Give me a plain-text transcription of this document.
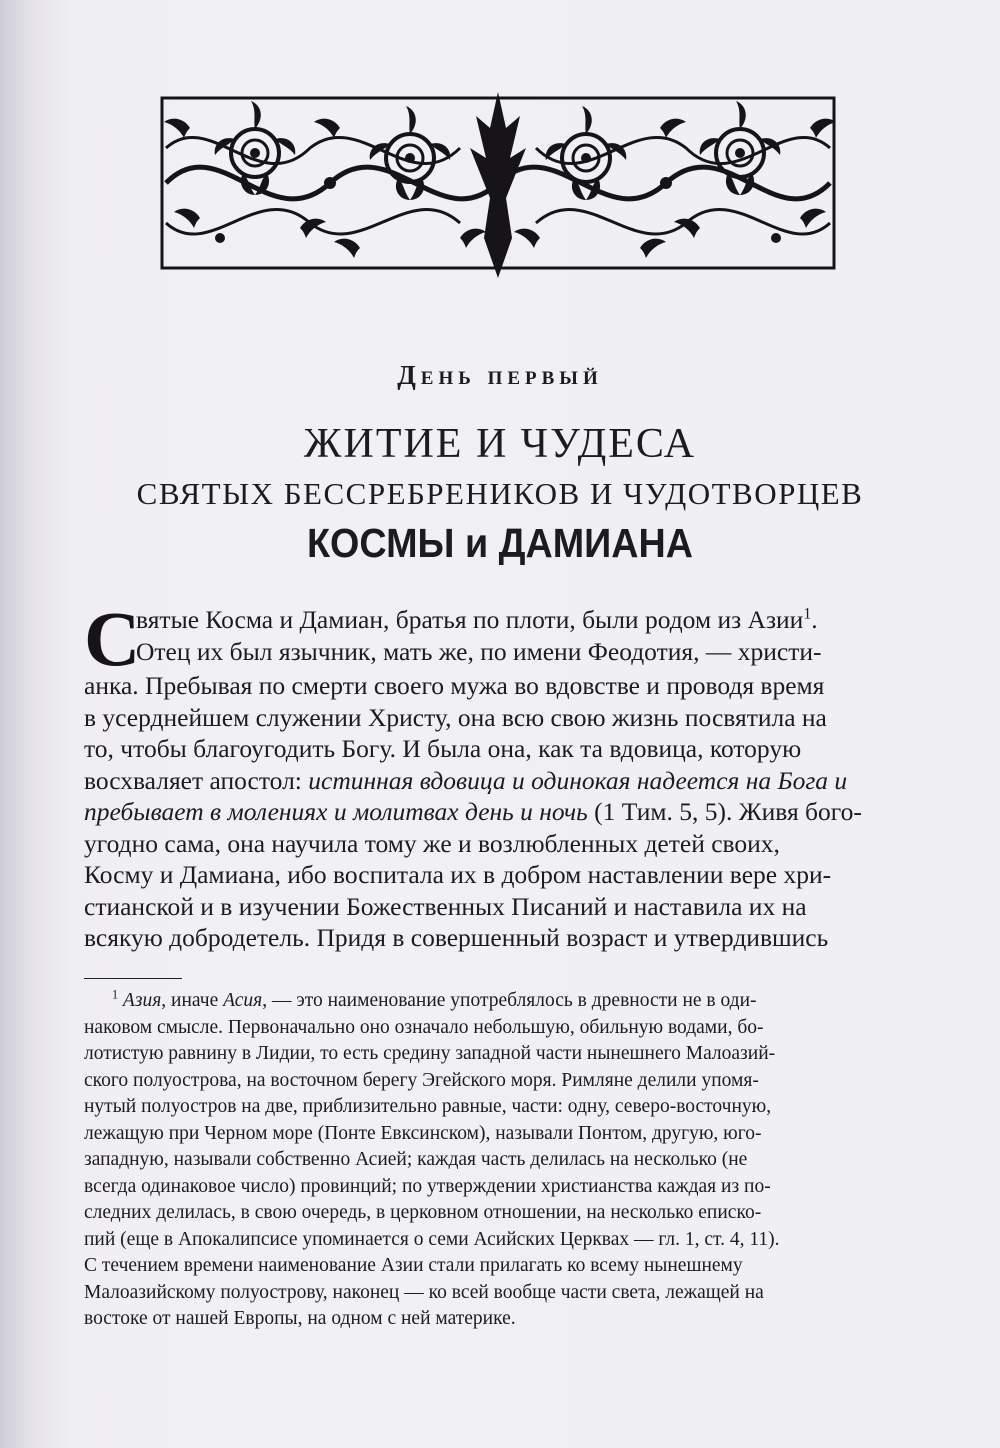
День первый
ЖИТИЕ И ЧУДЕСА
СВЯТЫХ БЕССРЕБРЕНИКОВ И ЧУДОТВОРЦЕВ
КОСМЫ и ДАМИАНА
С
вятые Косма и Дамиан, братья по плоти, были родом из Азии$^1$.
Отец их был язычник, мать же, по имени Феодотия, — христи-
анка. Пребывая по смерти своего мужа во вдовстве и проводя время
в усерднейшем служении Христу, она всю свою жизнь посвятила на
то, чтобы благоугодить Богу. И была она, как та вдовица, которую
восхваляет апостол: истинная вдовица и одинокая надеется на Бога и
пребывает в молениях и молитвах день и ночь (1 Тим. 5, 5). Живя бого-
угодно сама, она научила тому же и возлюбленных детей своих,
Косму и Дамиана, ибо воспитала их в добром наставлении вере хри-
стианской и в изучении Божественных Писаний и наставила их на
всякую добродетель. Придя в совершенный возраст и утвердившись
$^1$ Азия, иначе Асия, — это наименование употреблялось в древности не в оди-
наковом смысле. Первоначально оно означало небольшую, обильную водами, бо-
лотистую равнину в Лидии, то есть средину западной части нынешнего Малоазий-
ского полуострова, на восточном берегу Эгейского моря. Римляне делили упомя-
нутый полуостров на две, приблизительно равные, части: одну, северо-восточную,
лежащую при Черном море (Понте Евксинском), называли Понтом, другую, юго-
западную, называли собственно Асией; каждая часть делилась на несколько (не
всегда одинаковое число) провинций; по утверждении христианства каждая из по-
следних делилась, в свою очередь, в церковном отношении, на несколько еписко-
пий (еще в Апокалипсисе упоминается о семи Асийских Церквах — гл. 1, ст. 4, 11).
С течением времени наименование Азии стали прилагать ко всему нынешнему
Малоазийскому полуострову, наконец — ко всей вообще части света, лежащей на
востоке от нашей Европы, на одном с ней материке.
